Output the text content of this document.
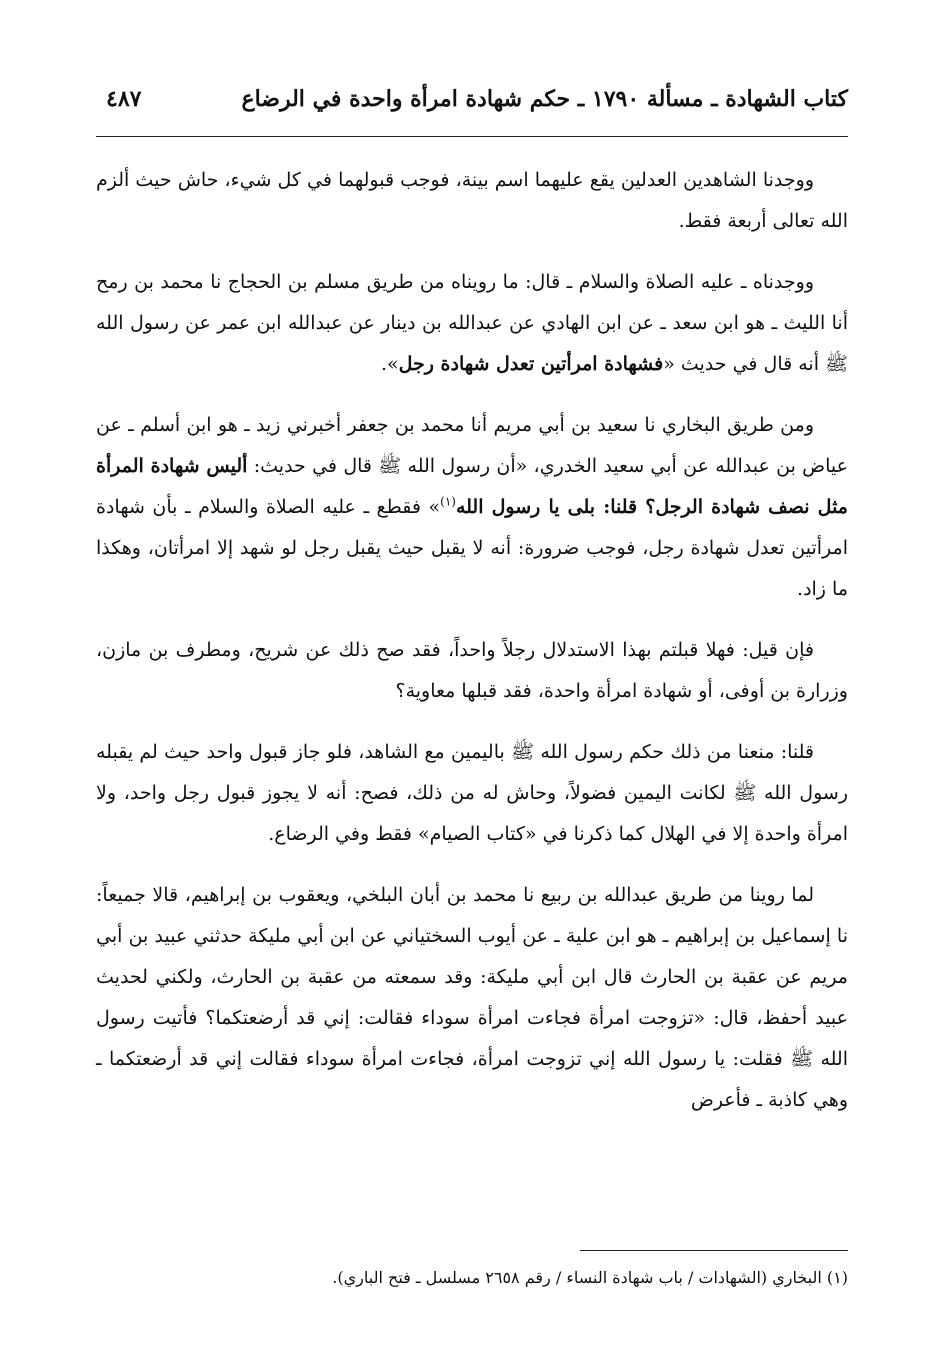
كتاب الشهادة ـ مسألة ١٧٩٠ ـ حكم شهادة امرأة واحدة في الرضاع
٤٨٧

ووجدنا الشاهدين العدلين يقع عليهما اسم بينة، فوجب قبولهما في كل شيء، حاش حيث ألزم الله تعالى أربعة فقط.

ووجدناه ـ عليه الصلاة والسلام ـ قال: ما رويناه من طريق مسلم بن الحجاج نا محمد بن رمح أنا الليث ـ هو ابن سعد ـ عن ابن الهادي عن عبدالله بن دينار عن عبدالله ابن عمر عن رسول الله ﷺ أنه قال في حديث «فشهادة امرأتين تعدل شهادة رجل».

ومن طريق البخاري نا سعيد بن أبي مريم أنا محمد بن جعفر أخبرني زيد ـ هو ابن أسلم ـ عن عياض بن عبدالله عن أبي سعيد الخدري، «أن رسول الله ﷺ قال في حديث: أليس شهادة المرأة مثل نصف شهادة الرجل؟ قلنا: بلى يا رسول الله$^{(١)}$» فقطع ـ عليه الصلاة والسلام ـ بأن شهادة امرأتين تعدل شهادة رجل، فوجب ضرورة: أنه لا يقبل حيث يقبل رجل لو شهد إلا امرأتان، وهكذا ما زاد.

فإن قيل: فهلا قبلتم بهذا الاستدلال رجلاً واحداً، فقد صح ذلك عن شريح، ومطرف بن مازن، وزرارة بن أوفى، أو شهادة امرأة واحدة، فقد قبلها معاوية؟

قلنا: منعنا من ذلك حكم رسول الله ﷺ باليمين مع الشاهد، فلو جاز قبول واحد حيث لم يقبله رسول الله ﷺ لكانت اليمين فضولاً، وحاش له من ذلك، فصح: أنه لا يجوز قبول رجل واحد، ولا امرأة واحدة إلا في الهلال كما ذكرنا في «كتاب الصيام» فقط وفي الرضاع.

لما روينا من طريق عبدالله بن ربيع نا محمد بن أبان البلخي، ويعقوب بن إبراهيم، قالا جميعاً: نا إسماعيل بن إبراهيم ـ هو ابن علية ـ عن أيوب السختياني عن ابن أبي مليكة حدثني عبيد بن أبي مريم عن عقبة بن الحارث قال ابن أبي مليكة: وقد سمعته من عقبة بن الحارث، ولكني لحديث عبيد أحفظ، قال: «تزوجت امرأة فجاءت امرأة سوداء فقالت: إني قد أرضعتكما؟ فأتيت رسول الله ﷺ فقلت: يا رسول الله إني تزوجت امرأة، فجاءت امرأة سوداء فقالت إني قد أرضعتكما ـ وهي كاذبة ـ فأعرض

(١) البخاري (الشهادات / باب شهادة النساء / رقم ٢٦٥٨ مسلسل ـ فتح الباري).
